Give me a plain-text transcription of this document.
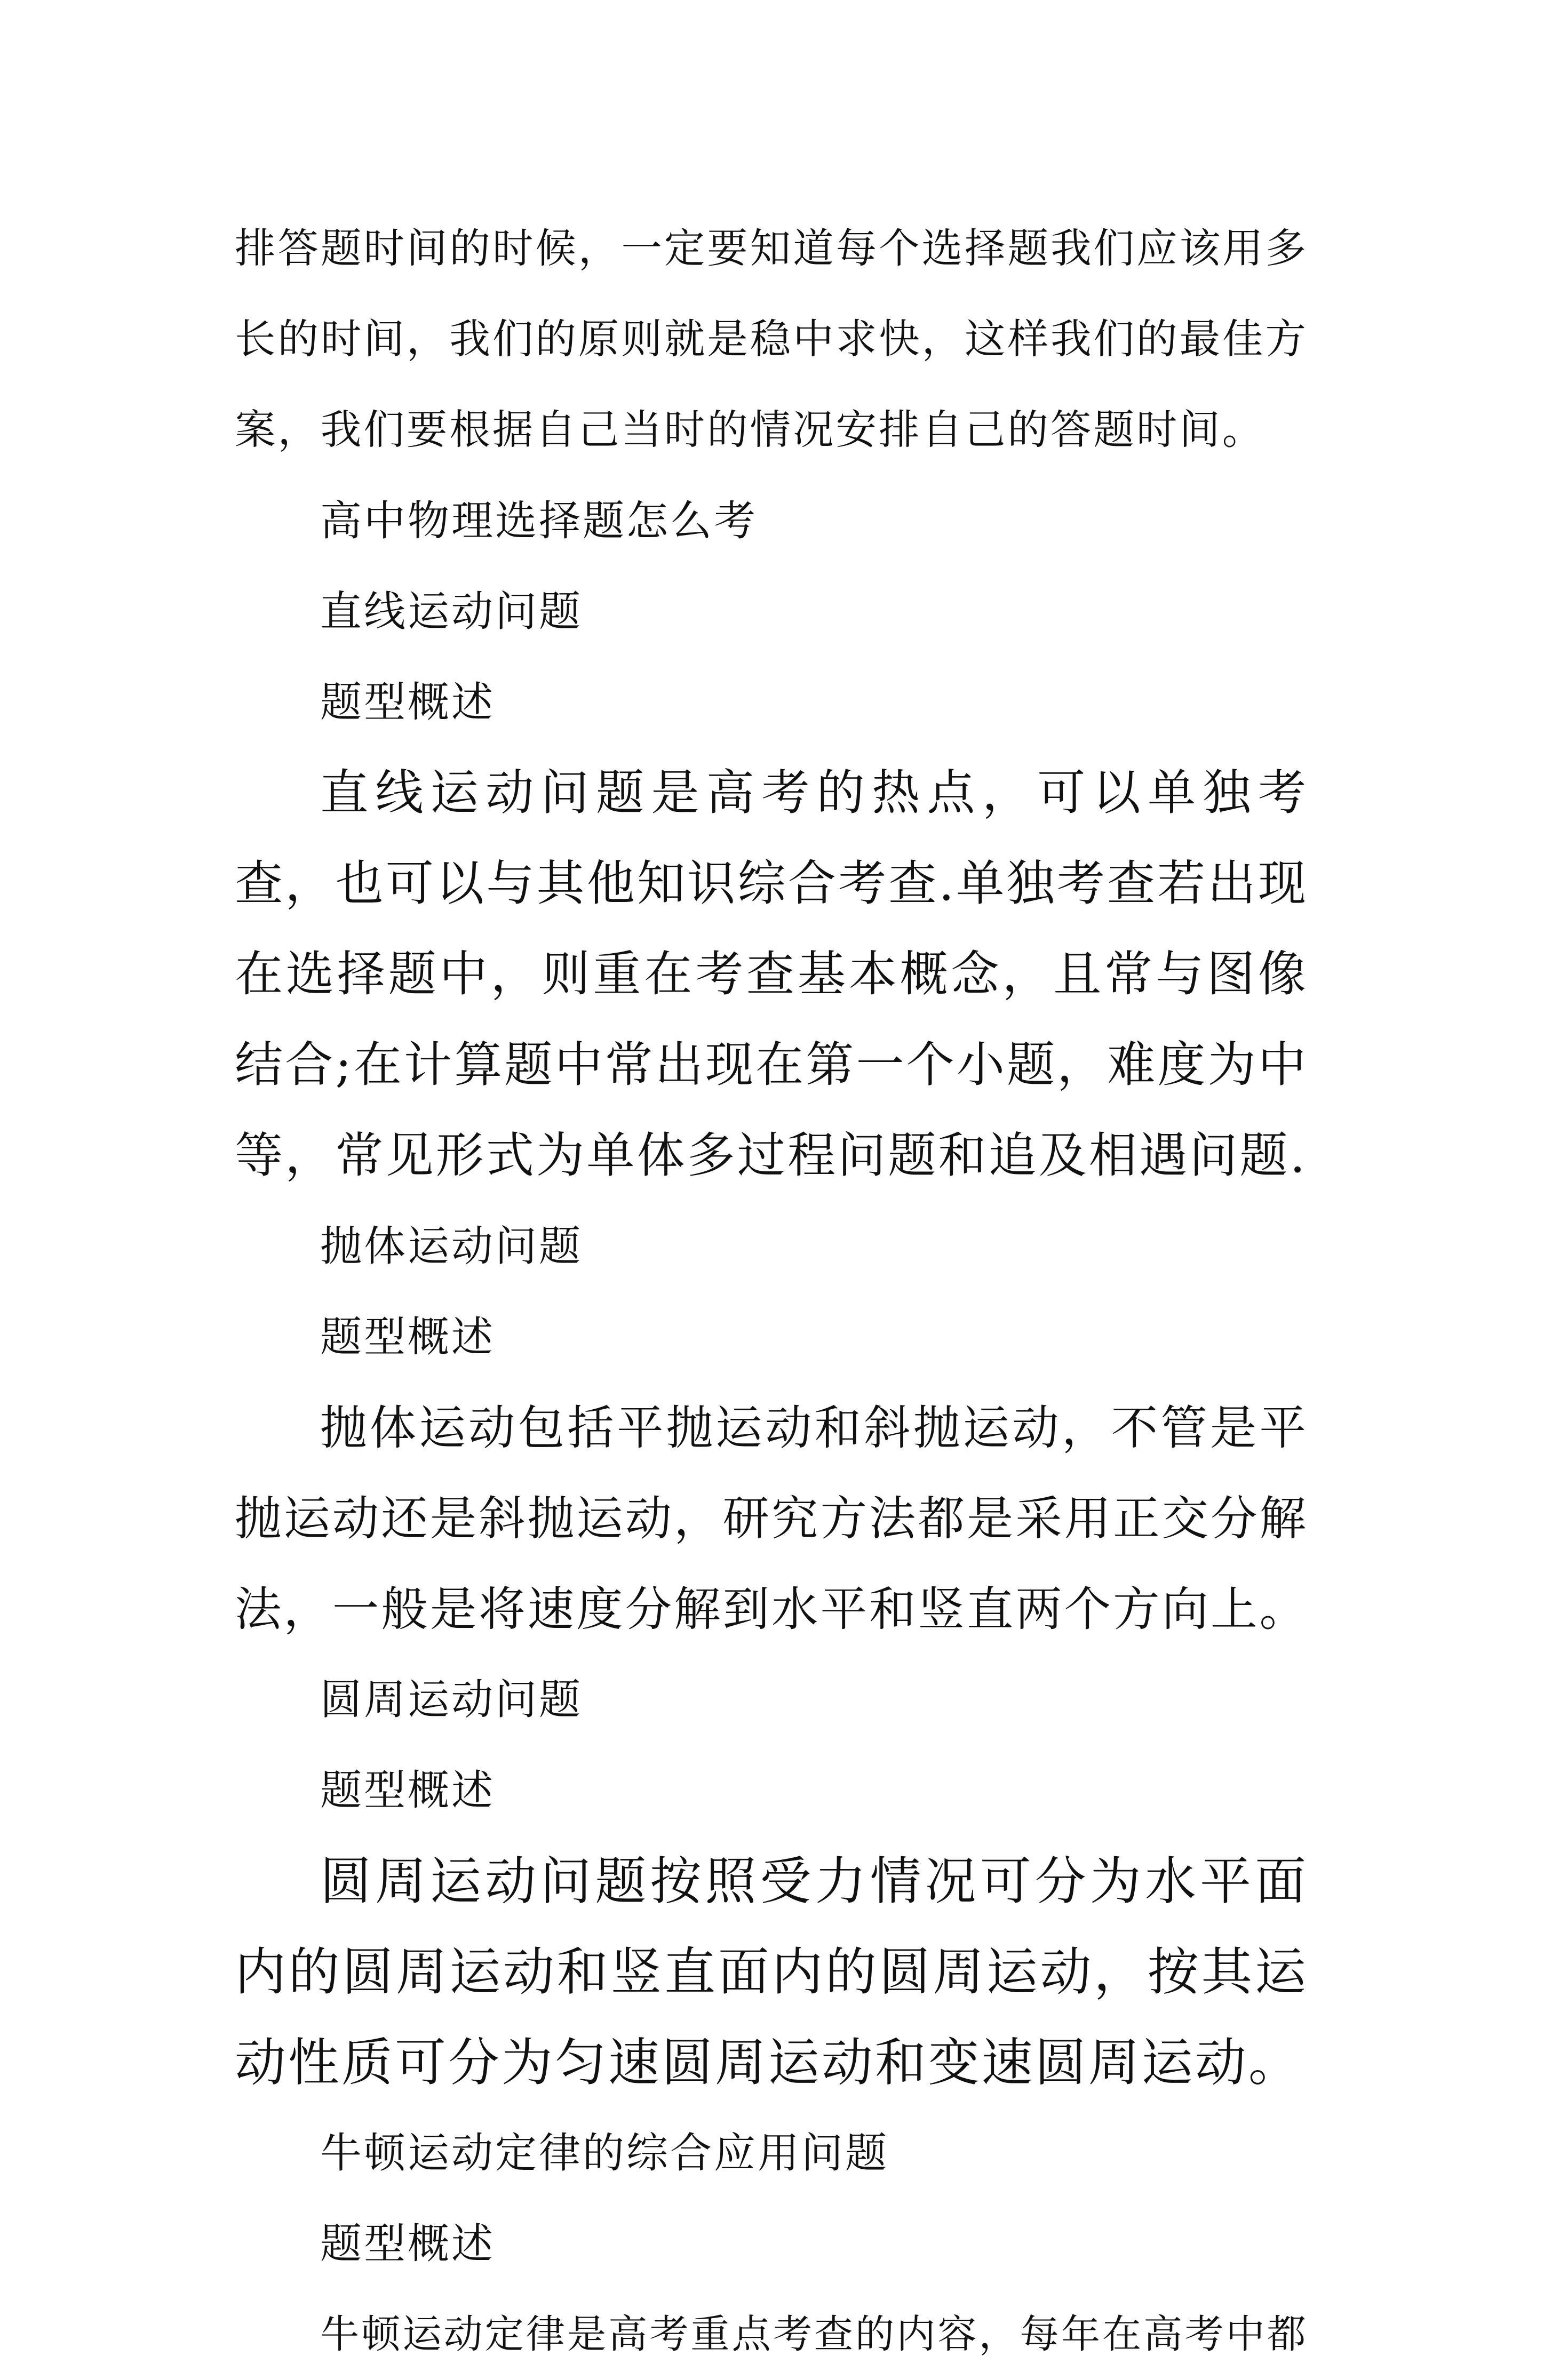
排答题时间的时候，一定要知道每个选择题我们应该用多长的时间，我们的原则就是稳中求快，这样我们的最佳方案，我们要根据自己当时的情况安排自己的答题时间。

高中物理选择题怎么考

直线运动问题

题型概述

直线运动问题是高考的热点，可以单独考查，也可以与其他知识综合考查.单独考查若出现在选择题中，则重在考查基本概念，且常与图像结合;在计算题中常出现在第一个小题，难度为中等，常见形式为单体多过程问题和追及相遇问题.

抛体运动问题

题型概述

抛体运动包括平抛运动和斜抛运动，不管是平抛运动还是斜抛运动，研究方法都是采用正交分解法，一般是将速度分解到水平和竖直两个方向上。

圆周运动问题

题型概述

圆周运动问题按照受力情况可分为水平面内的圆周运动和竖直面内的圆周运动，按其运动性质可分为匀速圆周运动和变速圆周运动。

牛顿运动定律的综合应用问题

题型概述

牛顿运动定律是高考重点考查的内容，每年在高考中都
